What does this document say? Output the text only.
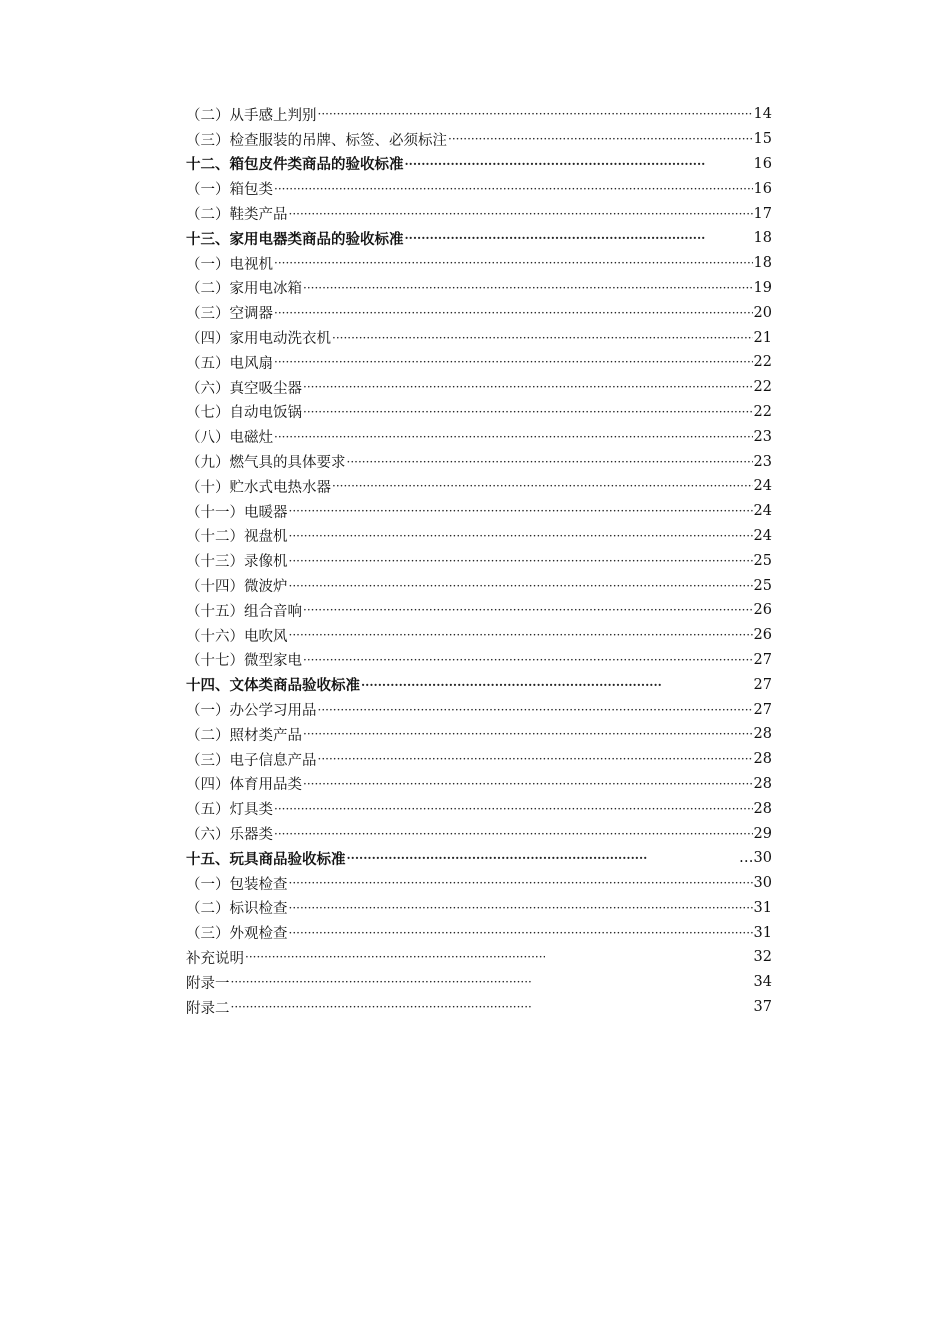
（二）从手感上判别 ·····	14
（三）检查服装的吊牌、标签、必须标注 ·····	15
十二、箱包皮件类商品的验收标准 ·····	16
（一）箱包类 ·····	16
（二）鞋类产品 ·····	17
十三、家用电器类商品的验收标准 ·····	18
（一）电视机 ·····	18
（二）家用电冰箱 ·····	19
（三）空调器 ·····	20
（四）家用电动洗衣机 ·····	21
（五）电风扇 ·····	22
（六）真空吸尘器 ·····	22
（七）自动电饭锅 ·····	22
（八）电磁灶 ·····	23
（九）燃气具的具体要求 ·····	23
（十）贮水式电热水器 ·····	24
（十一）电暖器 ·····	24
（十二）视盘机 ·····	24
（十三）录像机 ·····	25
（十四）微波炉 ·····	25
（十五）组合音响 ·····	26
（十六）电吹风 ·····	26
（十七）微型家电 ·····	27
十四、文体类商品验收标准 ·····	27
（一）办公学习用品 ·····	27
（二）照材类产品 ·····	28
（三）电子信息产品 ·····	28
（四）体育用品类 ·····	28
（五）灯具类 ·····	28
（六）乐器类 ·····	29
十五、玩具商品验收标准 ·····	…30
（一）包装检查 ·····	30
（二）标识检查 ·····	31
（三）外观检查 ·····	31
补充说明 ·····	32
附录一 ·····	34
附录二 ·····	37
